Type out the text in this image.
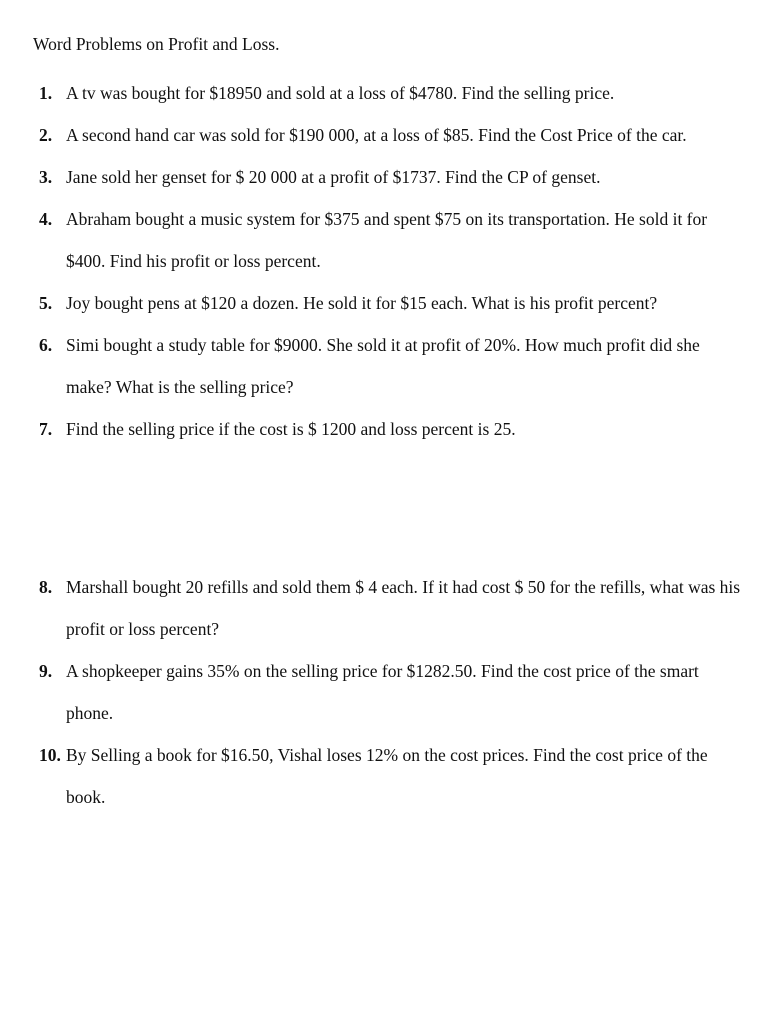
Word Problems on Profit and Loss.
1. A tv was bought for $18950 and sold at a loss of $4780. Find the selling price.
2. A second hand car was sold for $190 000, at a loss of $85. Find the Cost Price of the car.
3. Jane sold her genset for $ 20 000 at a profit of $1737. Find the CP of genset.
4. Abraham bought a music system for $375 and spent $75 on its transportation. He sold it for $400. Find his profit or loss percent.
5. Joy bought pens at $120 a dozen. He sold it for $15 each. What is his profit percent?
6. Simi bought a study table for $9000. She sold it at profit of 20%. How much profit did she make? What is the selling price?
7. Find the selling price if the cost is $ 1200 and loss percent is 25.
8. Marshall bought 20 refills and sold them $ 4 each. If it had cost $ 50 for the refills, what was his profit or loss percent?
9. A shopkeeper gains 35% on the selling price for $1282.50. Find the cost price of the smart phone.
10. By Selling a book for $16.50, Vishal loses 12% on the cost prices. Find the cost price of the book.
